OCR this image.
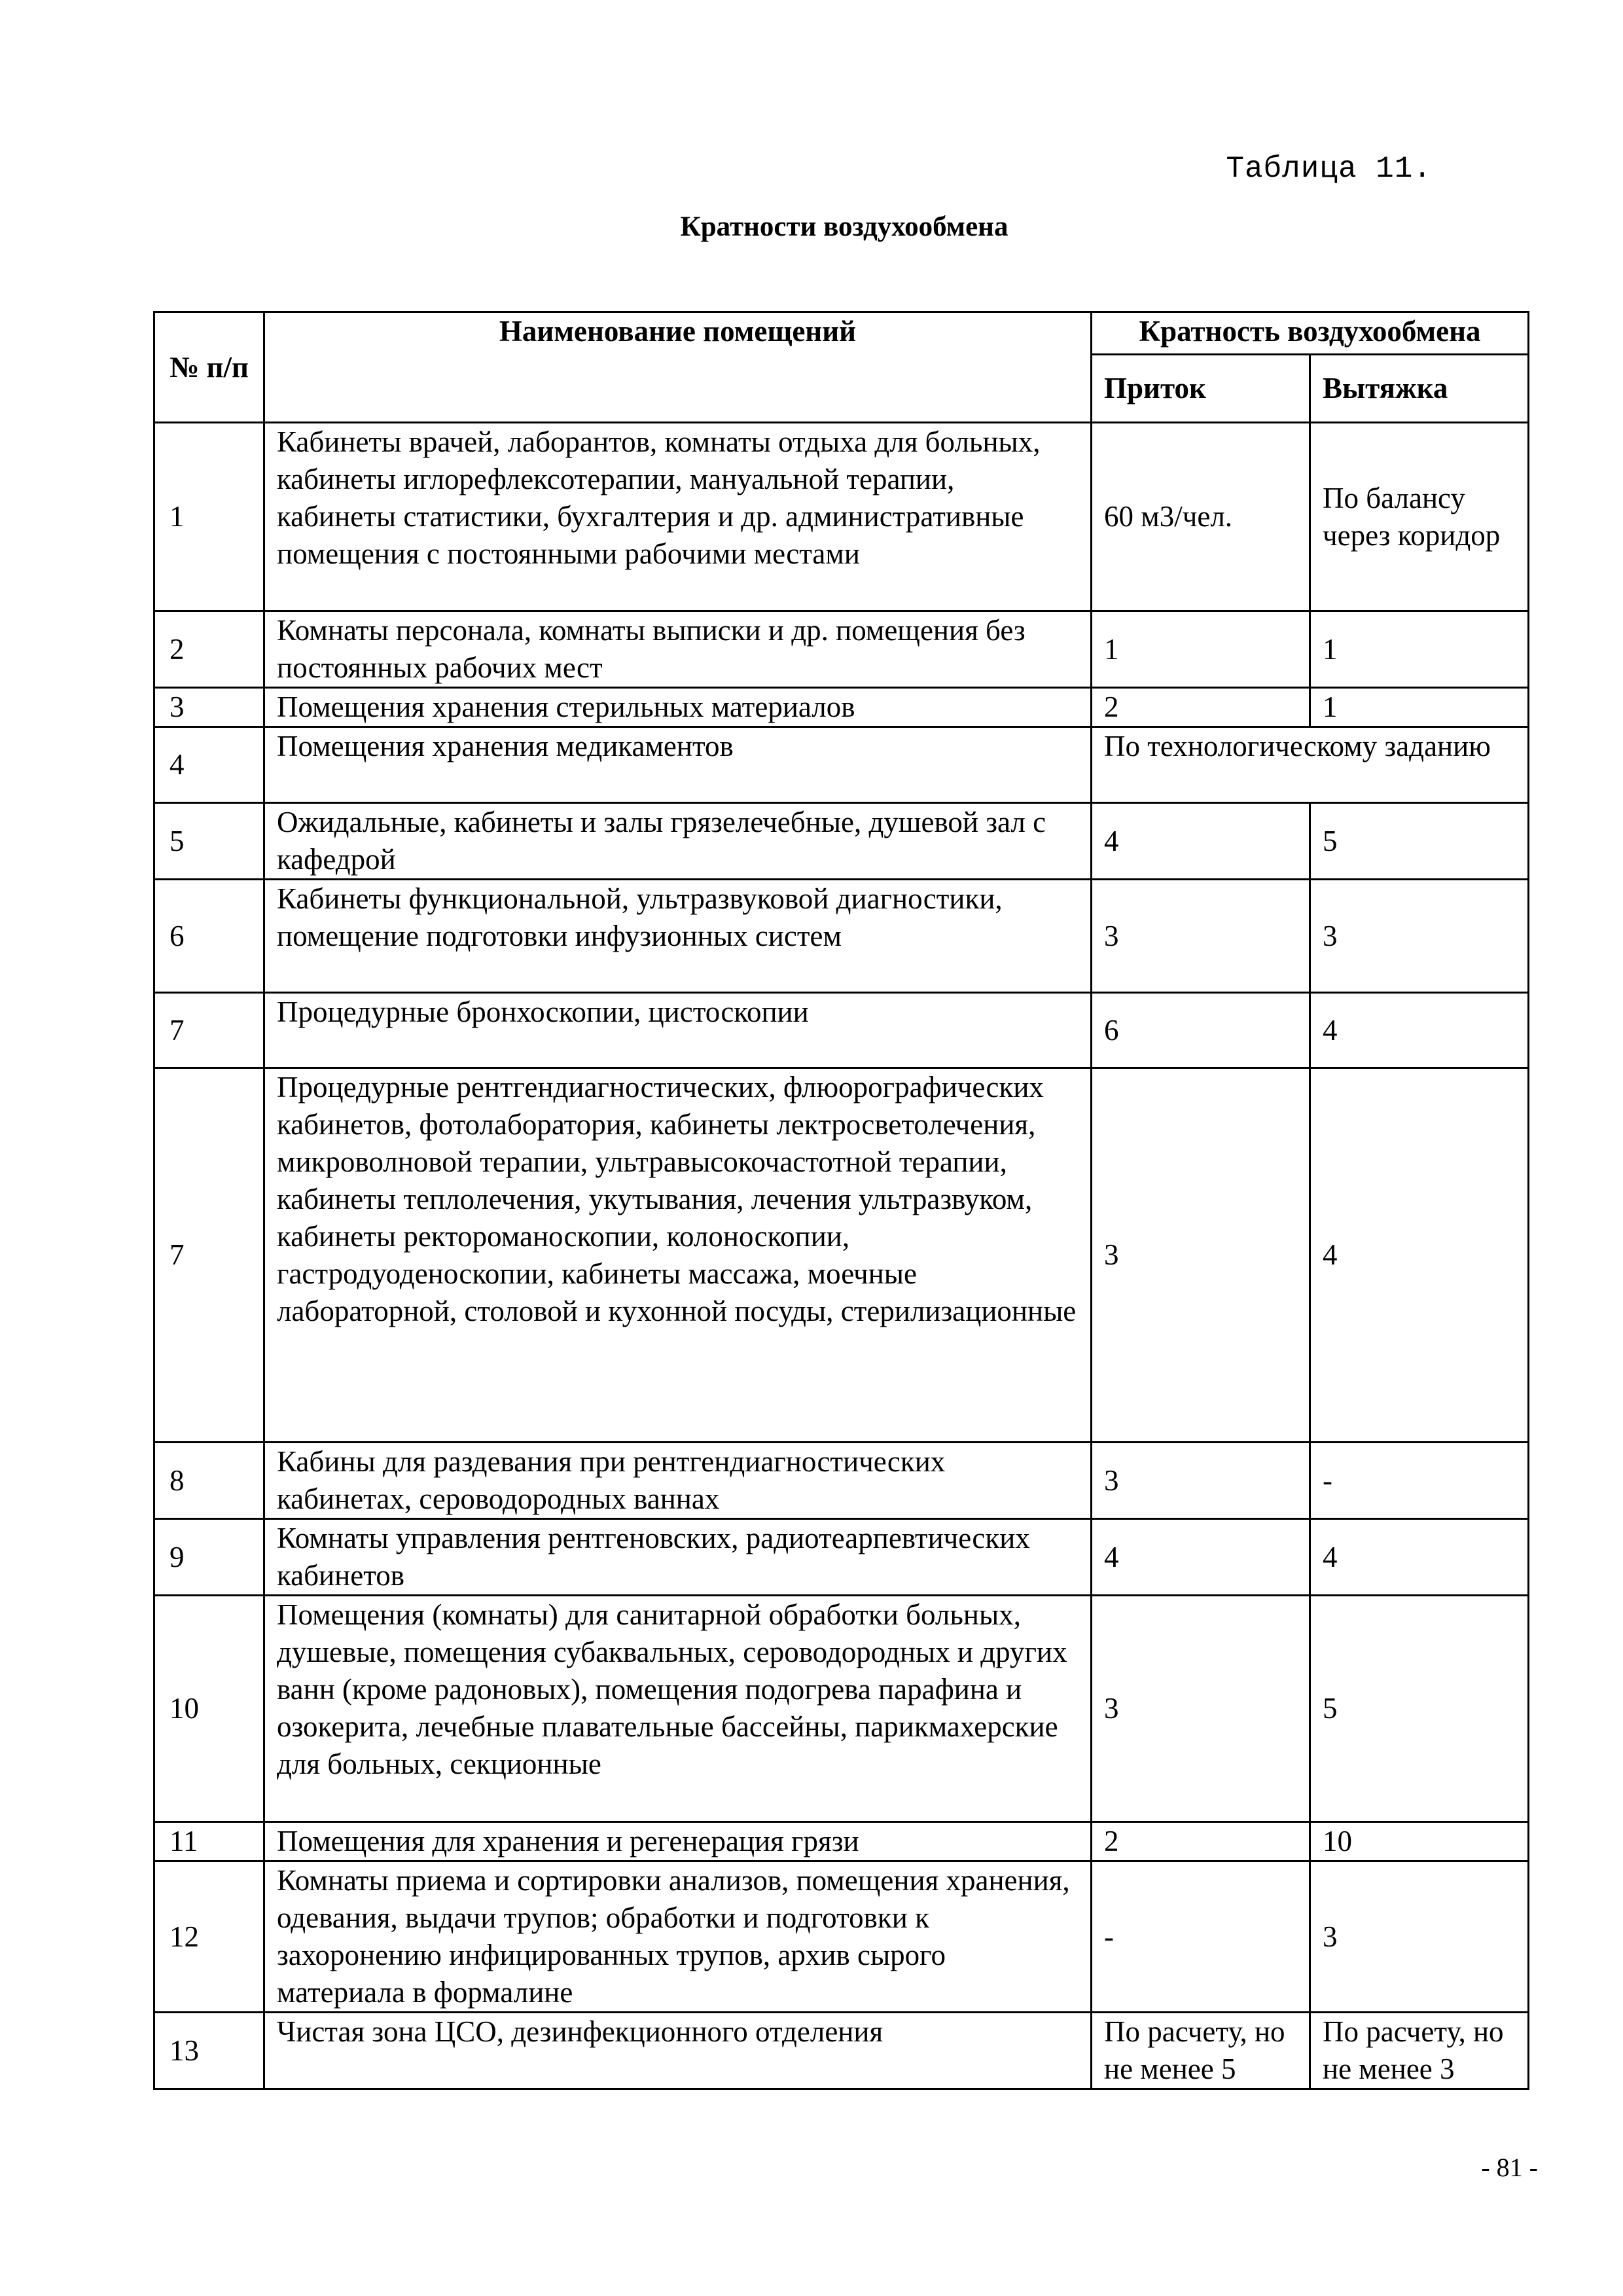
Таблица 11.
Кратности воздухообмена
№ п/п	Наименование помещений	Кратность воздухообмена	
		Приток	Вытяжка
1	Кабинеты врачей, лаборантов, комнаты отдыха для больных, кабинеты иглорефлексотерапии, мануальной терапии, кабинеты статистики, бухгалтерия и др. административные помещения с постоянными рабочими местами	60 м3/чел.	По балансу через коридор
2	Комнаты персонала, комнаты выписки и др. помещения без постоянных рабочих мест	1	1
3	Помещения хранения стерильных материалов	2	1
4	Помещения хранения медикаментов	По технологическому заданию	
5	Ожидальные, кабинеты и залы грязелечебные, душевой зал с кафедрой	4	5
6	Кабинеты функциональной, ультразвуковой диагностики, помещение подготовки инфузионных систем	3	3
7	Процедурные бронхоскопии, цистоскопии	6	4
7	Процедурные рентгендиагностических, флюорографических кабинетов, фотолаборатория, кабинеты лектросветолечения, микроволновой терапии, ультравысокочастотной терапии, кабинеты теплолечения, укутывания, лечения ультразвуком, кабинеты ректороманоскопии, колоноскопии, гастродуоденоскопии, кабинеты массажа, моечные лабораторной, столовой и кухонной посуды, стерилизационные	3	4
8	Кабины для раздевания при рентгендиагностических кабинетах, сероводородных ваннах	3	-
9	Комнаты управления рентгеновских, радиотеарпевтических кабинетов	4	4
10	Помещения (комнаты) для санитарной обработки больных, душевые, помещения субаквальных, сероводородных и других ванн (кроме радоновых), помещения подогрева парафина и озокерита, лечебные плавательные бассейны, парикмахерские для больных, секционные	3	5
11	Помещения для хранения и регенерация грязи	2	10
12	Комнаты приема и сортировки анализов, помещения хранения, одевания, выдачи трупов; обработки и подготовки к захоронению инфицированных трупов, архив сырого материала в формалине	-	3
13	Чистая зона ЦСО, дезинфекционного отделения	По расчету, но не менее 5	По расчету, но не менее 3
- 81 -
